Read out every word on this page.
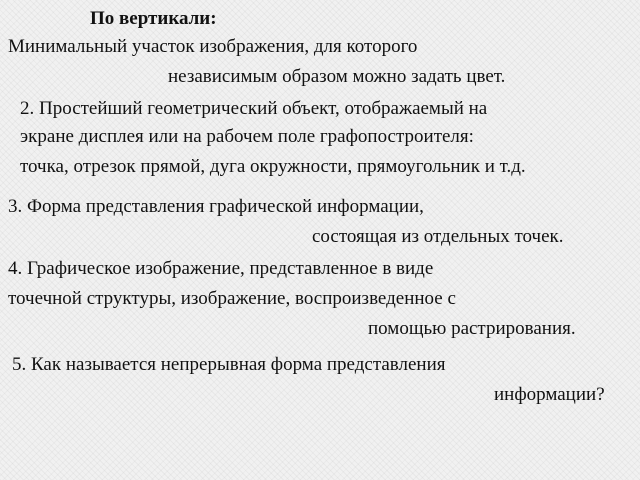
По вертикали:
Минимальный участок изображения, для которого
независимым образом можно задать цвет.
2. Простейший геометрический объект, отображаемый на
экране дисплея или на рабочем поле графопостроителя:
точка, отрезок прямой, дуга окружности, прямоугольник и т.д.
3. Форма представления графической информации,
состоящая из отдельных точек.
4. Графическое изображение, представленное в виде
точечной структуры, изображение, воспроизведенное с
помощью растрирования.
5. Как называется непрерывная форма представления
информации?
